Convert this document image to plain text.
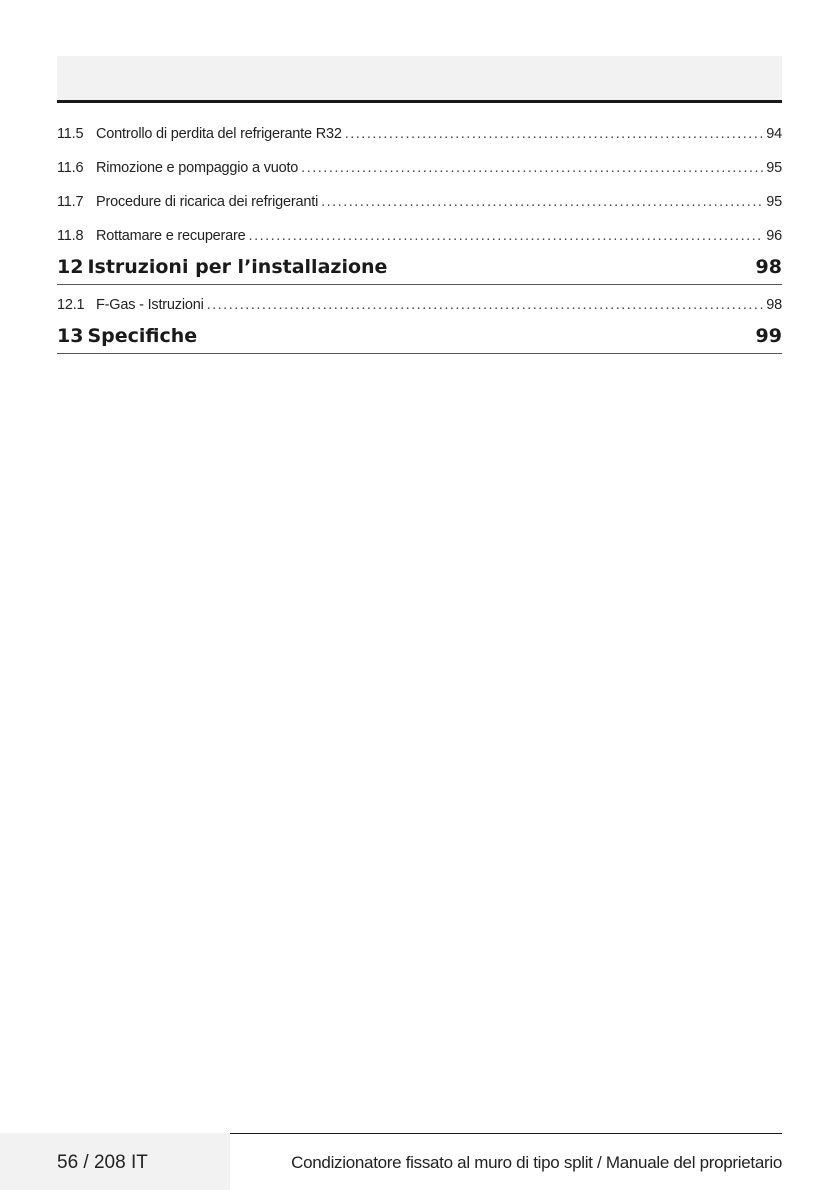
11.5 Controllo di perdita del refrigerante R32 .....	94
11.6 Rimozione e pompaggio a vuoto .....	95
11.7 Procedure di ricarica dei refrigeranti .....	95
11.8 Rottamare e recuperare .....	96
12 Istruzioni per l’installazione	98
12.1 F-Gas - Istruzioni .....	98
13 Specifiche	99
56 / 208 IT	Condizionatore fissato al muro di tipo split / Manuale del proprietario
